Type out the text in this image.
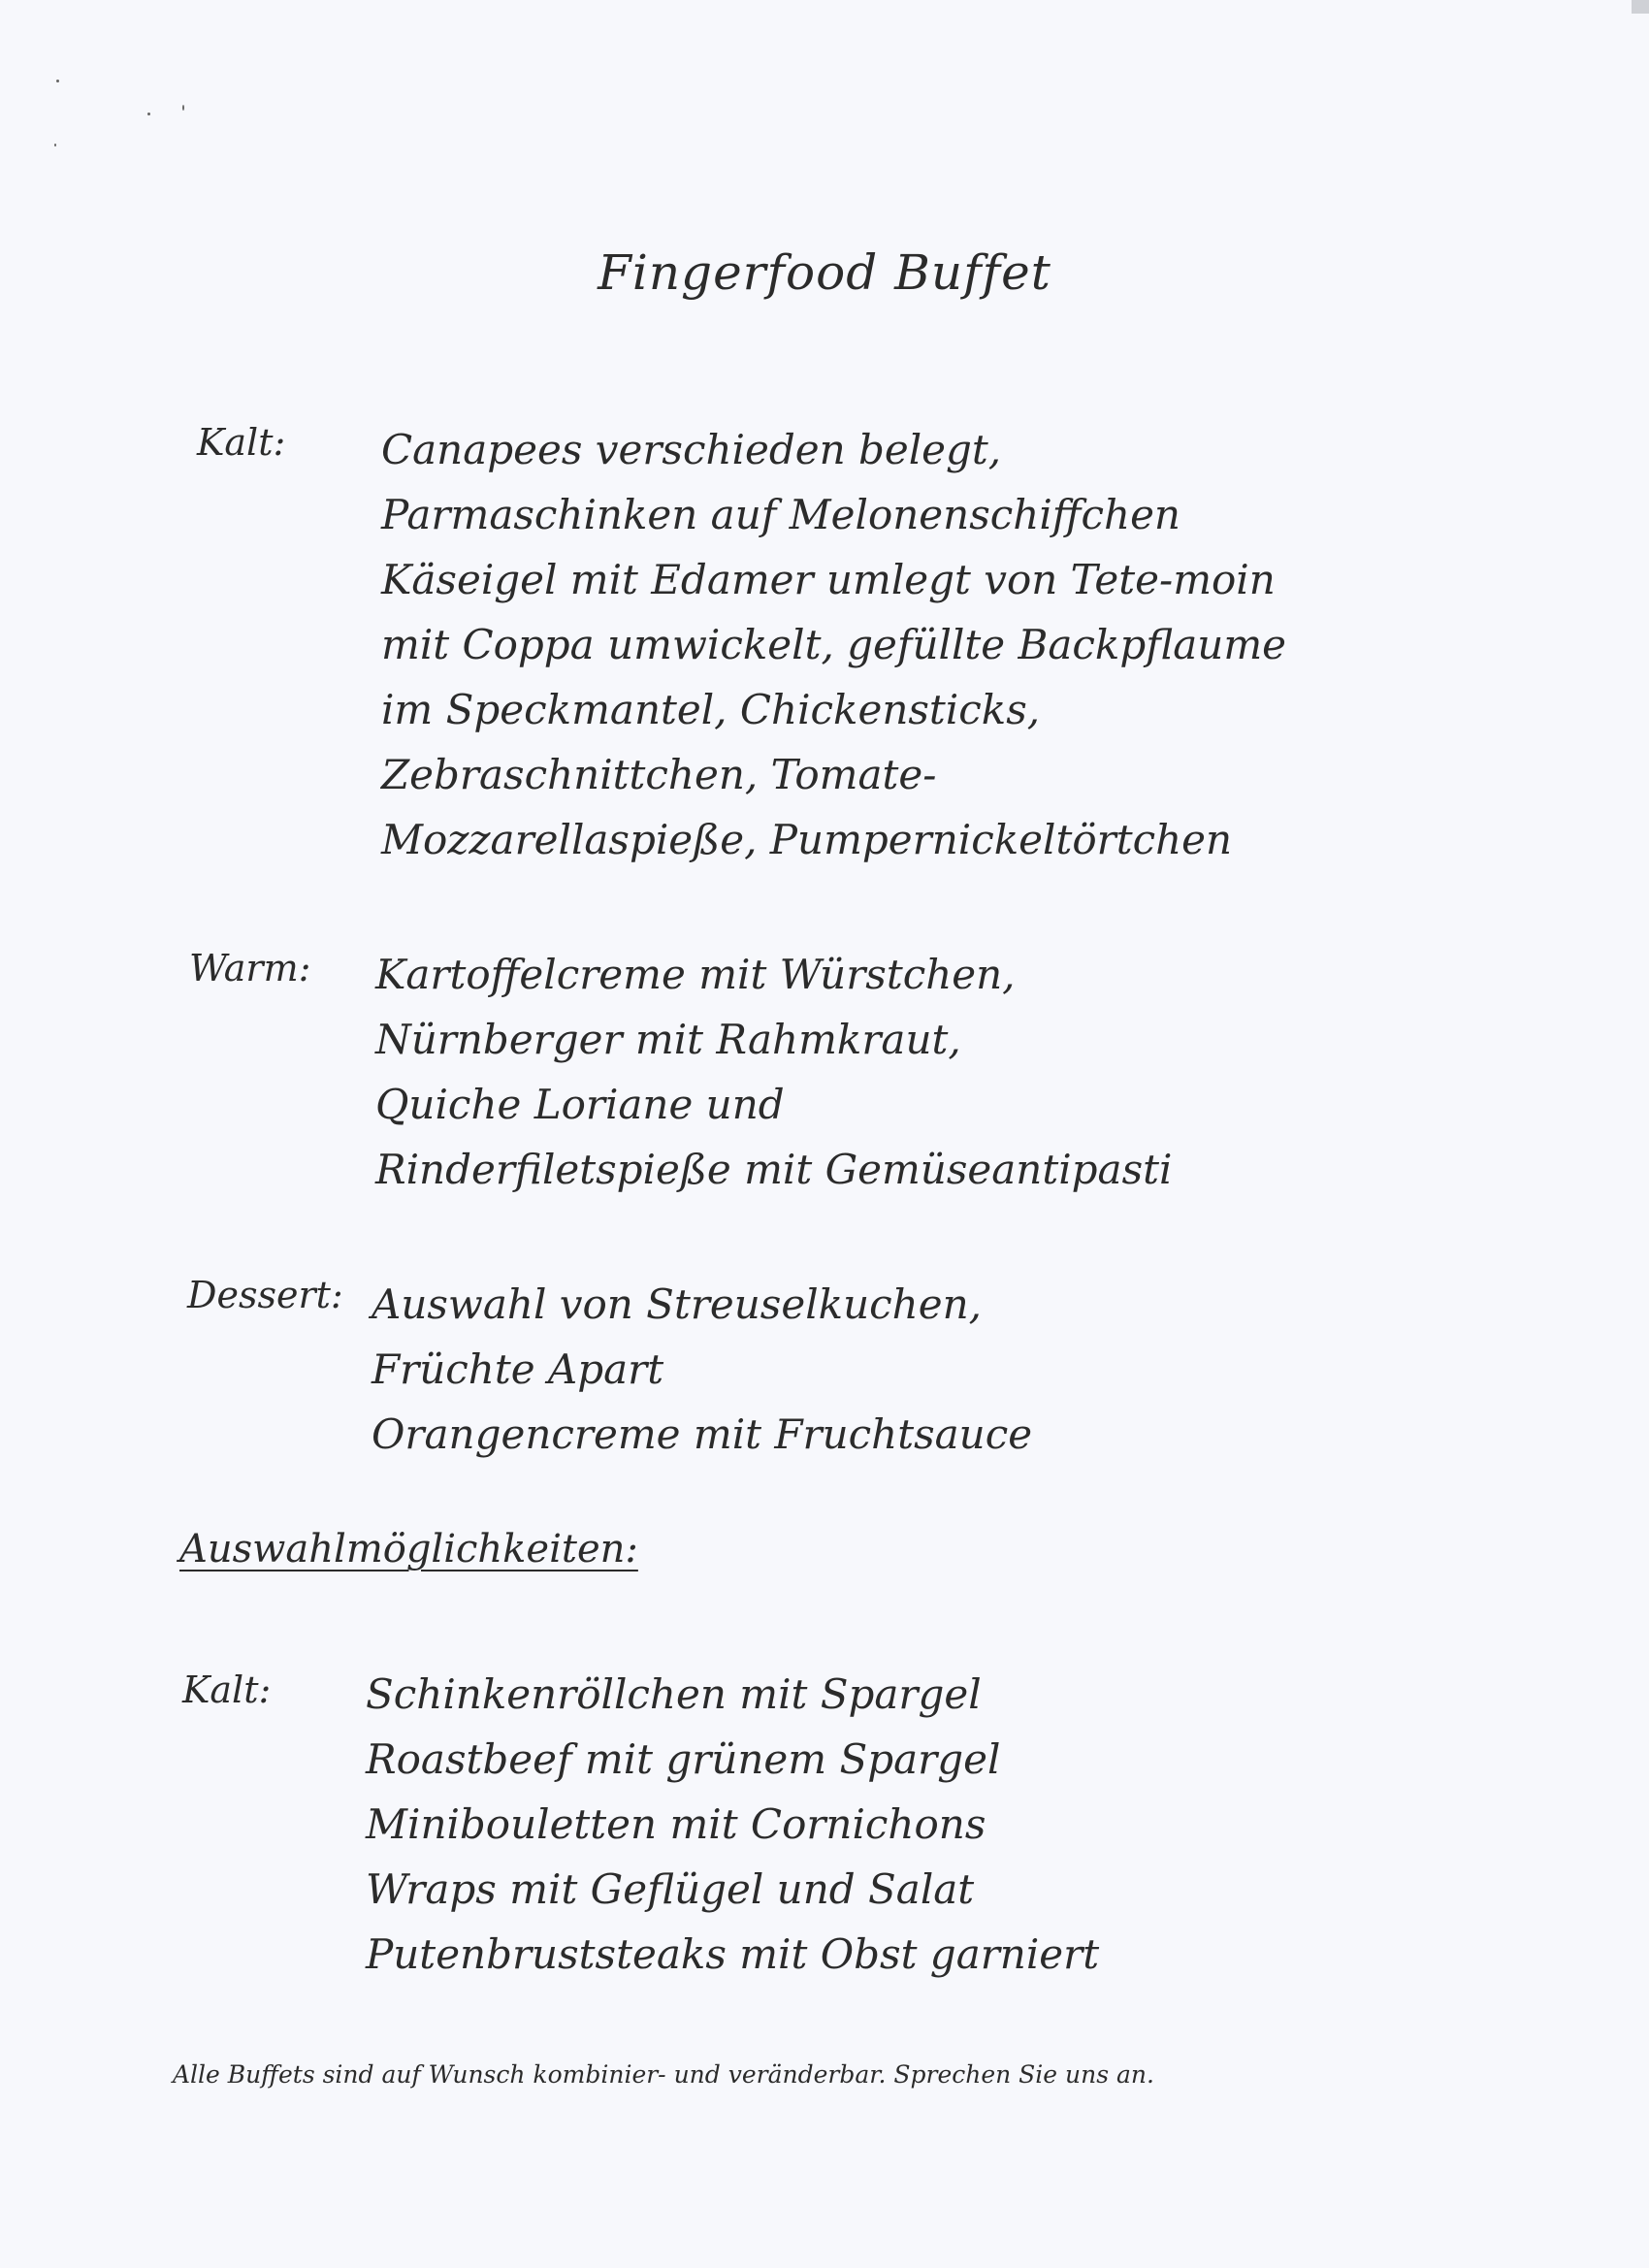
Fingerfood Buffet
Kalt: Canapees verschieden belegt,
Parmaschinken auf Melonenschiffchen
Käseigel mit Edamer umlegt von Tete-moin
mit Coppa umwickelt, gefüllte Backpflaume
im Speckmantel, Chickensticks,
Zebraschnittchen, Tomate-
Mozzarellaspieße, Pumpernickeltörtchen
Warm: Kartoffelcreme mit Würstchen,
Nürnberger mit Rahmkraut,
Quiche Loriane und
Rinderfiletspieße mit Gemüseantipasti
Dessert: Auswahl von Streuselkuchen,
Früchte Apart
Orangencreme mit Fruchtsauce
Auswahlmöglichkeiten:
Kalt: Schinkenröllchen mit Spargel
Roastbeef mit grünem Spargel
Minibouletten mit Cornichons
Wraps mit Geflügel und Salat
Putenbruststeaks mit Obst garniert
Alle Buffets sind auf Wunsch kombinier- und veränderbar. Sprechen Sie uns an.
